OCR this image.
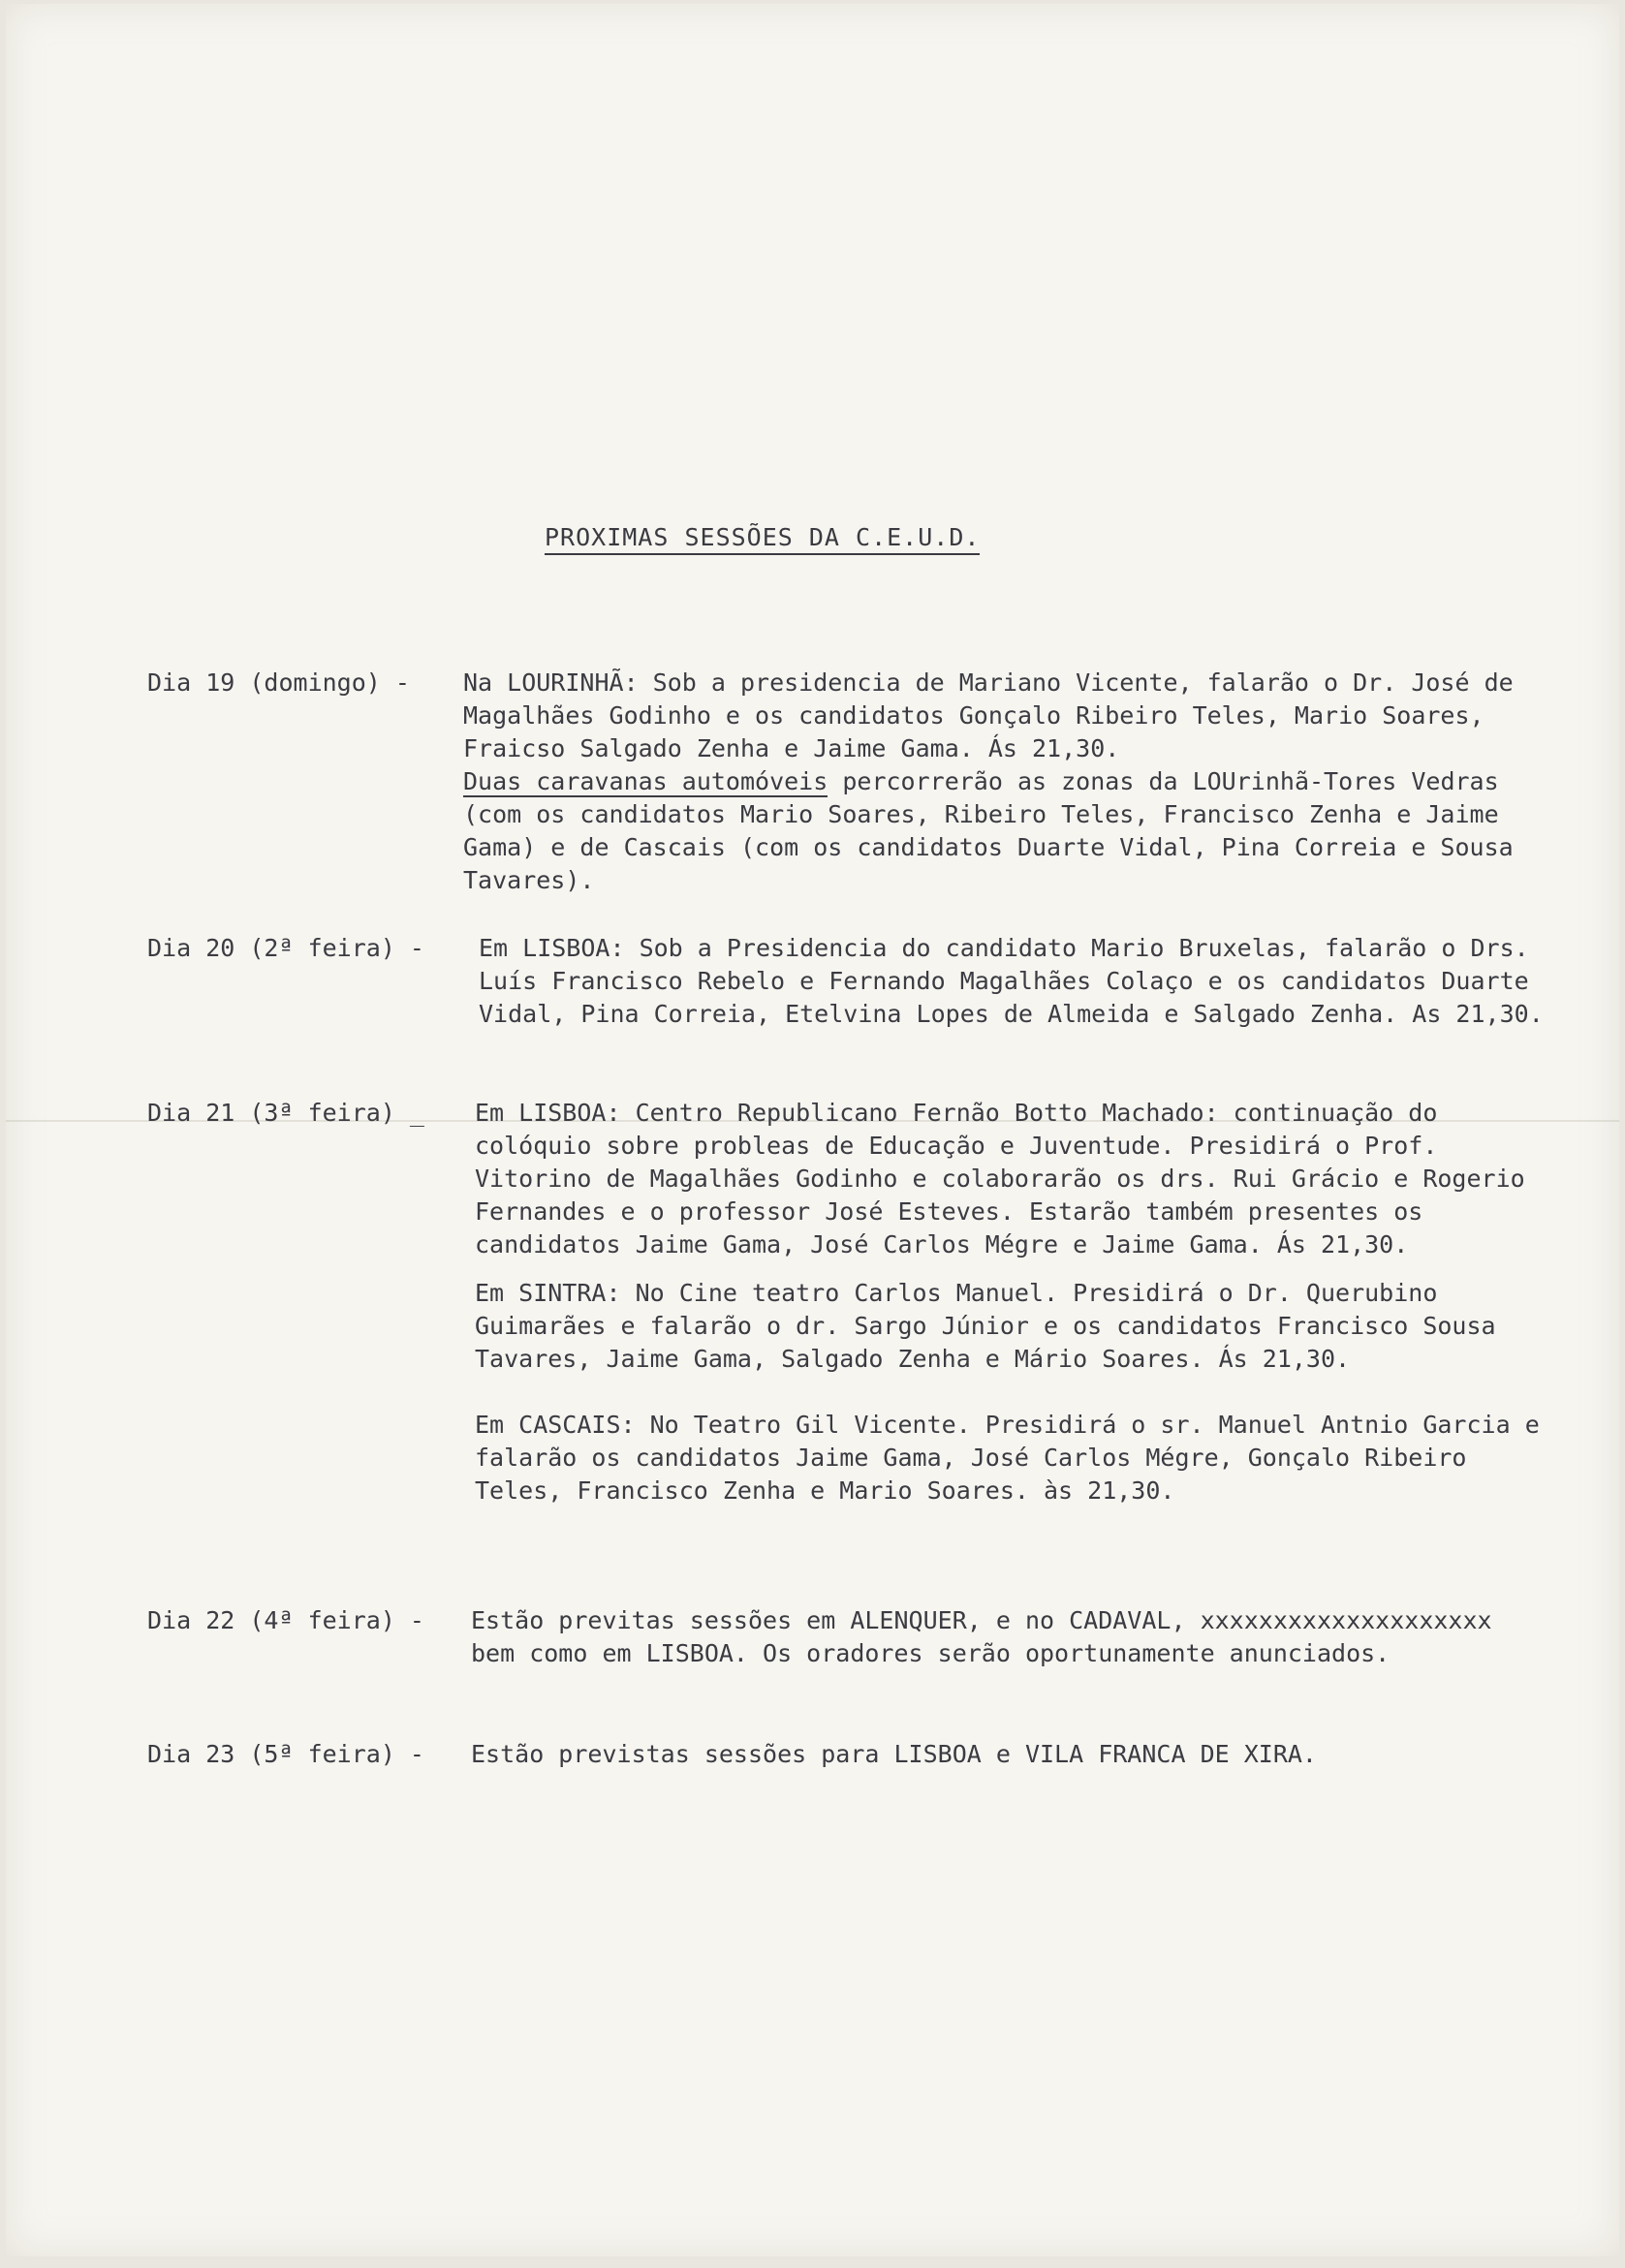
PROXIMAS SESSÕES DA C.E.U.D.
Dia 19 (domingo) - Na LOURINHÃ: Sob a presidencia de Mariano Vicente, falarão o Dr. José de Magalhães Godinho e os candidatos Gonçalo Ribeiro Teles, Mario Soares, Fraicso Salgado Zenha e Jaime Gama. Ás 21,30.

Duas caravanas automóveis percorrerão as zonas da LOUrinhã-Tores Vedras (com os candidatos Mario Soares, Ribeiro Teles, Francisco Zenha e Jaime Gama) e de Cascais (com os candidatos Duarte Vidal, Pina Correia e Sousa Tavares).

Dia 20 (2ª feira) - Em LISBOA: Sob a Presidencia do candidato Mario Bruxelas, falarão o Drs. Luís Francisco Rebelo e Fernando Magalhães Colaço e os candidatos Duarte Vidal, Pina Correia, Etelvina Lopes de Almeida e Salgado Zenha. As 21,30.

Dia 21 (3ª feira) _ Em LISBOA: Centro Republicano Fernão Botto Machado: continuação do colóquio sobre probleas de Educação e Juventude. Presidirá o Prof. Vitorino de Magalhães Godinho e colaborarão os drs. Rui Grácio e Rogerio Fernandes e o professor José Esteves. Estarão também presentes os candidatos Jaime Gama, José Carlos Mégre e Jaime Gama. Ás 21,30.

Em SINTRA: No Cine teatro Carlos Manuel. Presidirá o Dr. Querubino Guimarães e falarão o dr. Sargo Júnior e os candidatos Francisco Sousa Tavares, Jaime Gama, Salgado Zenha e Mário Soares. Ás 21,30.

Em CASCAIS: No Teatro Gil Vicente. Presidirá o sr. Manuel Antnio Garcia e falarão os candidatos Jaime Gama, José Carlos Mégre, Gonçalo Ribeiro Teles, Francisco Zenha e Mario Soares. às 21,30.

Dia 22 (4ª feira) - Estão previtas sessões em ALENQUER, e no CADAVAL, xxxxxxxxxxxxxxxxxxxx bem como em LISBOA. Os oradores serão oportunamente anunciados.

Dia 23 (5ª feira) - Estão previstas sessões para LISBOA e VILA FRANCA DE XIRA.
